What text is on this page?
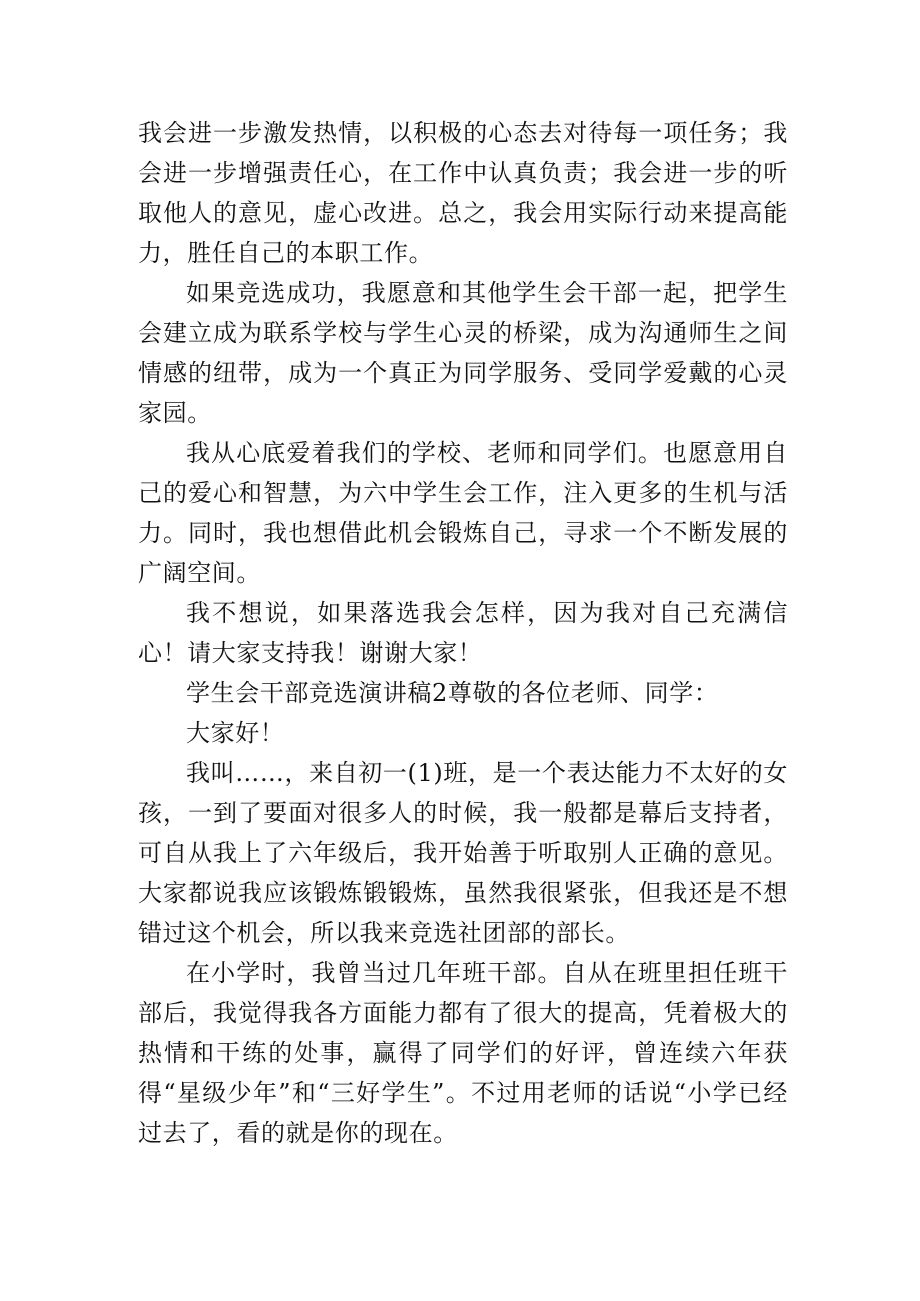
我会进一步激发热情，以积极的心态去对待每一项任务；我会进一步增强责任心，在工作中认真负责；我会进一步的听取他人的意见，虚心改进。总之，我会用实际行动来提高能力，胜任自己的本职工作。

如果竞选成功，我愿意和其他学生会干部一起，把学生会建立成为联系学校与学生心灵的桥梁，成为沟通师生之间情感的纽带，成为一个真正为同学服务、受同学爱戴的心灵家园。

我从心底爱着我们的学校、老师和同学们。也愿意用自己的爱心和智慧，为六中学生会工作，注入更多的生机与活力。同时，我也想借此机会锻炼自己，寻求一个不断发展的广阔空间。

我不想说，如果落选我会怎样，因为我对自己充满信心！请大家支持我！谢谢大家！

学生会干部竞选演讲稿2尊敬的各位老师、同学：

大家好！

我叫……，来自初一(1)班，是一个表达能力不太好的女孩，一到了要面对很多人的时候，我一般都是幕后支持者，可自从我上了六年级后，我开始善于听取别人正确的意见。大家都说我应该锻炼锻锻炼，虽然我很紧张，但我还是不想错过这个机会，所以我来竞选社团部的部长。

在小学时，我曾当过几年班干部。自从在班里担任班干部后，我觉得我各方面能力都有了很大的提高，凭着极大的热情和干练的处事，赢得了同学们的好评，曾连续六年获得“星级少年”和“三好学生”。不过用老师的话说“小学已经过去了，看的就是你的现在。
